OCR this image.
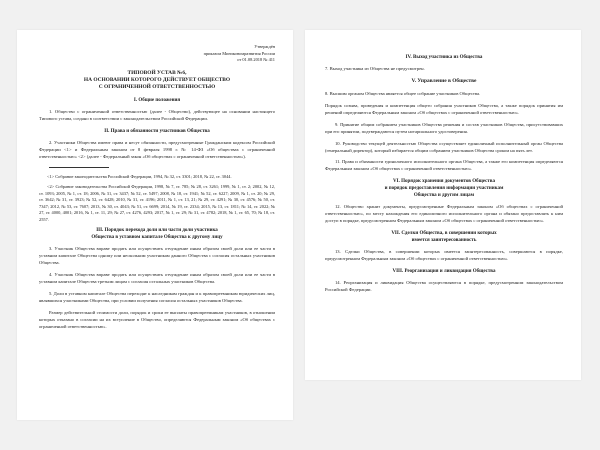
Утверждён
приказом Минэкономразвития России
от 01.08.2018 № 411
ТИПОВОЙ УСТАВ №6,
НА ОСНОВАНИИ КОТОРОГО ДЕЙСТВУЕТ ОБЩЕСТВО
С ОГРАНИЧЕННОЙ ОТВЕТСТВЕННОСТЬЮ
I. Общие положения

1. Общество с ограниченной ответственностью (далее - Общество), действующее на основании настоящего Типового устава, создано в соответствии с законодательством Российской Федерации.

II. Права и обязанности участников Общества

2. Участники Общества имеют права и несут обязанности, предусмотренные Гражданским кодексом Российской Федерации <1> и Федеральным законом от 8 февраля 1998 г. № 14-ФЗ «Об обществах с ограниченной ответственностью» <2> (далее - Федеральный закон «Об обществах с ограниченной ответственностью»).

<1> Собрание законодательства Российской Федерации, 1994, № 32, ст. 3301; 2018, № 22, ст. 3044.

<2> Собрание законодательства Российской Федерации, 1998, № 7, ст. 785; № 28, ст. 3261; 1999, № 1, ст. 2; 2002, № 12, ст. 1093; 2005, № 1, ст. 18; 2006, № 31, ст. 3437; № 52, ст. 5497; 2008, № 18, ст. 1941; № 52, ст. 6227; 2009, № 1, ст. 20; № 29, ст. 3642; № 31, ст. 3923; № 52, ст. 6428; 2010, № 31, ст. 4196; 2011, № 1, ст. 13, 21; № 29, ст. 4291; № 30, ст. 4576; № 50, ст. 7347; 2012, № 53, ст. 7607; 2013, № 30, ст. 4043; № 51, ст. 6699; 2014, № 19, ст. 2334; 2015, № 13, ст. 1811; № 14, ст. 2022; № 27, ст. 4000, 4001; 2016, № 1, ст. 11, 29; № 27, ст. 4276, 4293; 2017, № 1, ст. 29; № 31, ст. 4782; 2018, № 1, ст. 65, 70; № 18, ст. 2557.

III. Порядок перехода доли или части доли участника
Общества в уставном капитале Общества к другому лицу

3. Участник Общества вправе продать или осуществить отчуждение иным образом своей доли или ее части в уставном капитале Общества одному или нескольким участникам данного Общества с согласия остальных участников Общества.

4. Участник Общества вправе продать или осуществить отчуждение иным образом своей доли или ее части в уставном капитале Общества третьим лицам с согласия остальных участников Общества.

5. Доли в уставном капитале Общества переходят к наследникам граждан и к правопреемникам юридических лиц, являвшихся участниками Общества, при условии получения согласия остальных участников Общества.

Размер действительной стоимости доли, порядок и сроки ее выплаты правопреемникам участников, в отношении которых отказано в согласии на их вступление в Общество, определяются Федеральным законом «Об обществах с ограниченной ответственностью».

IV. Выход участника из Общества

7. Выход участника из Общества не предусмотрен.

V. Управление в Обществе

8. Высшим органом Общества является общее собрание участников Общества.

Порядок созыва, проведения и компетенция общего собрания участников Общества, а также порядок принятия им решений определяются Федеральным законом «Об обществах с ограниченной ответственностью».

9. Принятие общим собранием участников Общества решения и состав участников Общества, присутствовавших при его принятии, подтверждаются путем нотариального удостоверения.

10. Руководство текущей деятельностью Общества осуществляет единоличный исполнительный орган Общества (генеральный директор), который избирается общим собранием участников Общества сроком на пять лет.

11. Права и обязанности единоличного исполнительного органа Общества, а также его компетенция определяются Федеральным законом «Об обществах с ограниченной ответственностью».

VI. Порядок хранения документов Общества
и порядок предоставления информации участникам
Общества и другим лицам

12. Общество хранит документы, предусмотренные Федеральным законом «Об обществах с ограниченной ответственностью», по месту нахождения его единоличного исполнительного органа и обязано предоставлять к ним доступ в порядке, предусмотренном Федеральным законом «Об обществах с ограниченной ответственностью».

VII. Сделки Общества, в совершении которых
имеется заинтересованность

13. Сделки Общества, в совершении которых имеется заинтересованность, совершаются в порядке, предусмотренном Федеральным законом «Об обществах с ограниченной ответственностью».

VIII. Реорганизация и ликвидация Общества

14. Реорганизация и ликвидация Общества осуществляются в порядке, предусмотренном законодательством Российской Федерации.
